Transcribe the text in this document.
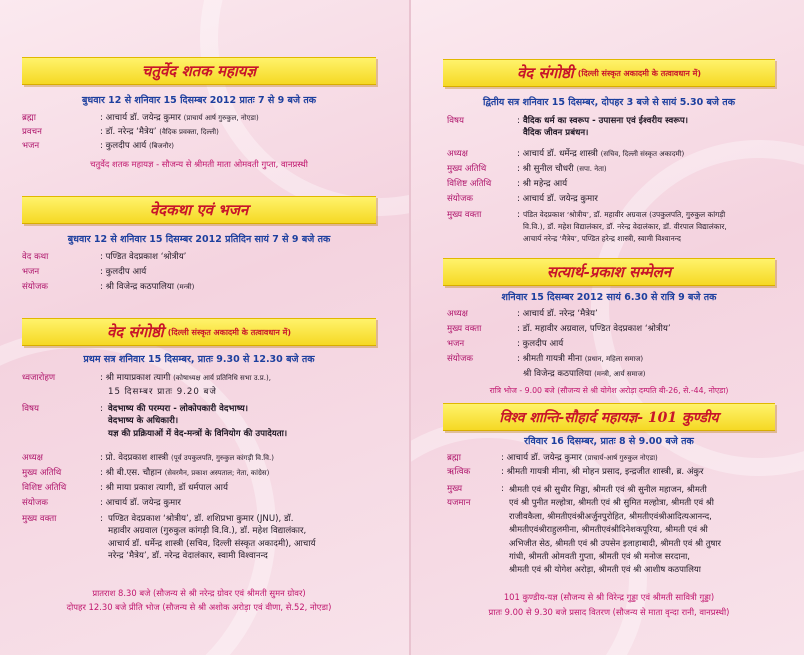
चतुर्वेद शतक महायज्ञ
बुधवार 12 से शनिवार 15 दिसम्बर 2012 प्रातः 7 से 9 बजे तक
ब्रह्मा	: आचार्य डॉ. जयेन्द्र कुमार (प्राचार्य आर्ष गुरुकुल, नोएडा)
प्रवचन	: डॉ. नरेन्द्र ‘मैत्रेय’ (वैदिक प्रवक्ता, दिल्ली)
भजन	: कुलदीप आर्य (बिजनौर)
चतुर्वेद शतक महायज्ञ - सौजन्य से श्रीमती माता ओमवती गुप्ता, वानप्रस्थी
वेदकथा एवं भजन
बुधवार 12 से शनिवार 15 दिसम्बर 2012 प्रतिदिन सायं 7 से 9 बजे तक
वेद कथा	: पण्डित वेदप्रकाश ‘श्रोत्रीय’
भजन	: कुलदीप आर्य
संयोजक	: श्री विजेन्द्र कठपालिया (मन्त्री)
वेद संगोष्ठी (दिल्ली संस्कृत अकादमी के तत्वावधान में)
प्रथम सत्र शनिवार 15 दिसम्बर, प्रातः 9.30 से 12.30 बजे तक
ध्वजारोहण	: श्री मायाप्रकाश त्यागी (कोषाध्यक्ष आर्य प्रतिनिधि सभा उ.प्र.),
15 दिसम्बर प्रातः 9.20 बजे
विषय	: वेदभाष्य की परम्परा - लोकोपकारी वेदभाष्य।
वेदभाष्य के अधिकारी।
यज्ञ की प्रक्रियाओं में वेद-मन्त्रों के विनियोग की उपादेयता।
अध्यक्ष	: प्रो. वेदप्रकाश शास्त्री (पूर्व उपकुलपति, गुरुकुल कांगड़ी वि.वि.)
मुख्य अतिथि	: श्री बी.एस. चौहान (सेवरमैन, प्रकाश अस्पताल; नेता, कांग्रेस)
विशिष्ट अतिथि	: श्री माया प्रकाश त्यागी, डॉ धर्मपाल आर्य
संयोजक	: आचार्य डॉ. जयेन्द्र कुमार
मुख्य वक्ता	: पण्डित वेदप्रकाश ‘श्रोत्रीय’, डॉ. शशिप्रभा कुमार (JNU), डॉ.
महावीर अग्रवाल (गुरुकुल कांगड़ी वि.वि.), डॉ. महेश विद्यालंकार,
आचार्य डॉ. धर्मेन्द्र शास्त्री (सचिव, दिल्ली संस्कृत अकादमी), आचार्य
नरेन्द्र ‘मैत्रेय’, डॉ. नरेन्द्र वेदालंकार, स्वामी विश्वानन्द
प्रातराश 8.30 बजे (सौजन्य से श्री नरेन्द्र ग्रोवर एवं श्रीमती सुमन ग्रोवर)
दोपहर 12.30 बजे प्रीति भोज (सौजन्य से श्री अशोक अरोड़ा एवं वीणा, से.52, नोएडा)
वेद संगोष्ठी (दिल्ली संस्कृत अकादमी के तत्वावधान में)
द्वितीय सत्र शनिवार 15 दिसम्बर, दोपहर 3 बजे से सायं 5.30 बजे तक
विषय	: वैदिक धर्म का स्वरूप - उपासना एवं ईश्वरीय स्वरूप।
वैदिक जीवन प्रबंधन।
अध्यक्ष	: आचार्य डॉ. धर्मेन्द्र शास्त्री (सचिव, दिल्ली संस्कृत अकादमी)
मुख्य अतिथि	: श्री सुनील चौधरी (सपा. नेता)
विशिष्ट अतिथि	: श्री महेन्द्र आर्य
संयोजक	: आचार्य डॉ. जयेन्द्र कुमार
मुख्य वक्ता	: पंडित वेदप्रकाश ‘श्रोत्रीय’, डॉ. महावीर अग्रवाल (उपकुलपति, गुरुकुल कांगड़ी
वि.वि.), डॉ. महेश विद्यालंकार, डॉ. नरेन्द्र वेदालंकार, डॉ. वीरपाल विद्यालंकार,
आचार्य नरेन्द्र ‘मैत्रेय’, पण्डित हरेन्द्र शास्त्री, स्वामी विश्वानन्द
सत्यार्थ-प्रकाश सम्मेलन
शनिवार 15 दिसम्बर 2012 सायं 6.30 से रात्रि 9 बजे तक
अध्यक्ष	: आचार्य डॉ. नरेन्द्र ‘मैत्रेय’
मुख्य वक्ता	: डॉ. महावीर अग्रवाल, पण्डित वेदप्रकाश ‘श्रोत्रीय’
भजन	: कुलदीप आर्य
संयोजक	: श्रीमती गायत्री मीना (प्रधान, महिला समाज)
श्री विजेन्द्र कठपालिया (मन्त्री, आर्य समाज)
रात्रि भोज - 9.00 बजे (सौजन्य से श्री योगेश अरोड़ा दम्पति बी-26, से.-44, नोएडा)
विश्व शान्ति-सौहार्द महायज्ञ- 101 कुण्डीय
रविवार 16 दिसम्बर, प्रातः 8 से 9.00 बजे तक
ब्रह्मा	: आचार्य डॉ. जयेन्द्र कुमार (प्राचार्य-आर्ष गुरुकुल नोएडा)
ऋत्विक	: श्रीमती गायत्री मीना, श्री मोहन प्रसाद, इन्द्रजीत शास्त्री, ब्र. अंकुर
मुख्य	:
यजमान
श्रीमती एवं श्री सुधीर मिड्ढा, श्रीमती एवं श्री सुनील महाजन, श्रीमती
एवं श्री पुनीत मल्होत्रा, श्रीमती एवं श्री सुमित मल्होत्रा, श्रीमती एवं श्री
राजीवकैला, श्रीमतीएवंश्रीअर्जुनपुरोहित, श्रीमतीएवंश्रीआदित्यआनन्द,
श्रीमतीएवंश्रीराहुलमीना, श्रीमतीएवंश्रीदिनेशकपूरिया, श्रीमती एवं श्री
अभिजीत सेठ, श्रीमती एवं श्री उपसेन इलाहाबादी, श्रीमती एवं श्री तुषार
गांधी, श्रीमती ओमवती गुप्ता, श्रीमती एवं श्री मनोज सरदाना,
श्रीमती एवं श्री योगेश अरोड़ा, श्रीमती एवं श्री आशीष कठपालिया
101 कुण्डीय-यज्ञ (सौजन्य से श्री विरेन्द्र गुड्डा एवं श्रीमती सावित्री गुड्डा)
प्रातः 9.00 से 9.30 बजे प्रसाद वितरण (सौजन्य से माता वृन्दा रानी, वानप्रस्थी)
